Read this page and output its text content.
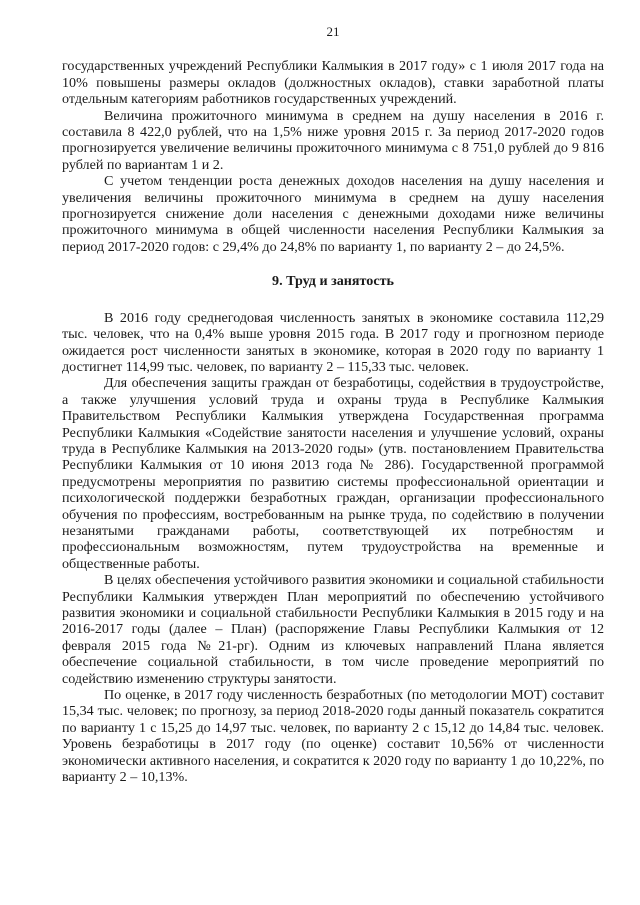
21

государственных учреждений Республики Калмыкия в 2017 году» с 1 июля 2017 года на 10% повышены размеры окладов (должностных окладов), ставки заработной платы отдельным категориям работников государственных учреждений.

Величина прожиточного минимума в среднем на душу населения в 2016 г. составила 8 422,0 рублей, что на 1,5% ниже уровня 2015 г. За период 2017-2020 годов прогнозируется увеличение величины прожиточного минимума с 8 751,0 рублей до 9 816 рублей по вариантам 1 и 2.

С учетом тенденции роста денежных доходов населения на душу населения и увеличения величины прожиточного минимума в среднем на душу населения прогнозируется снижение доли населения с денежными доходами ниже величины прожиточного минимума в общей численности населения Республики Калмыкия за период 2017-2020 годов: с 29,4% до 24,8% по варианту 1, по варианту 2 – до 24,5%.

9. Труд и занятость

В 2016 году среднегодовая численность занятых в экономике составила 112,29 тыс. человек, что на 0,4% выше уровня 2015 года. В 2017 году и прогнозном периоде ожидается рост численности занятых в экономике, которая в 2020 году по варианту 1 достигнет 114,99 тыс. человек, по варианту 2 – 115,33 тыс. человек.

Для обеспечения защиты граждан от безработицы, содействия в трудоустройстве, а также улучшения условий труда и охраны труда в Республике Калмыкия Правительством Республики Калмыкия утверждена Государственная программа Республики Калмыкия «Содействие занятости населения и улучшение условий, охраны труда в Республике Калмыкия на 2013-2020 годы» (утв. постановлением Правительства Республики Калмыкия от 10 июня 2013 года № 286). Государственной программой предусмотрены мероприятия по развитию системы профессиональной ориентации и психологической поддержки безработных граждан, организации профессионального обучения по профессиям, востребованным на рынке труда, по содействию в получении незанятыми гражданами работы, соответствующей их потребностям и профессиональным возможностям, путем трудоустройства на временные и общественные работы.

В целях обеспечения устойчивого развития экономики и социальной стабильности Республики Калмыкия утвержден План мероприятий по обеспечению устойчивого развития экономики и социальной стабильности Республики Калмыкия в 2015 году и на 2016-2017 годы (далее – План) (распоряжение Главы Республики Калмыкия от 12 февраля 2015 года №21-рг). Одним из ключевых направлений Плана является обеспечение социальной стабильности, в том числе проведение мероприятий по содействию изменению структуры занятости.

По оценке, в 2017 году численность безработных (по методологии МОТ) составит 15,34 тыс. человек; по прогнозу, за период 2018-2020 годы данный показатель сократится по варианту 1 с 15,25 до 14,97 тыс. человек, по варианту 2 с 15,12 до 14,84 тыс. человек. Уровень безработицы в 2017 году (по оценке) составит 10,56% от численности экономически активного населения, и сократится к 2020 году по варианту 1 до 10,22%, по варианту 2 – 10,13%.
